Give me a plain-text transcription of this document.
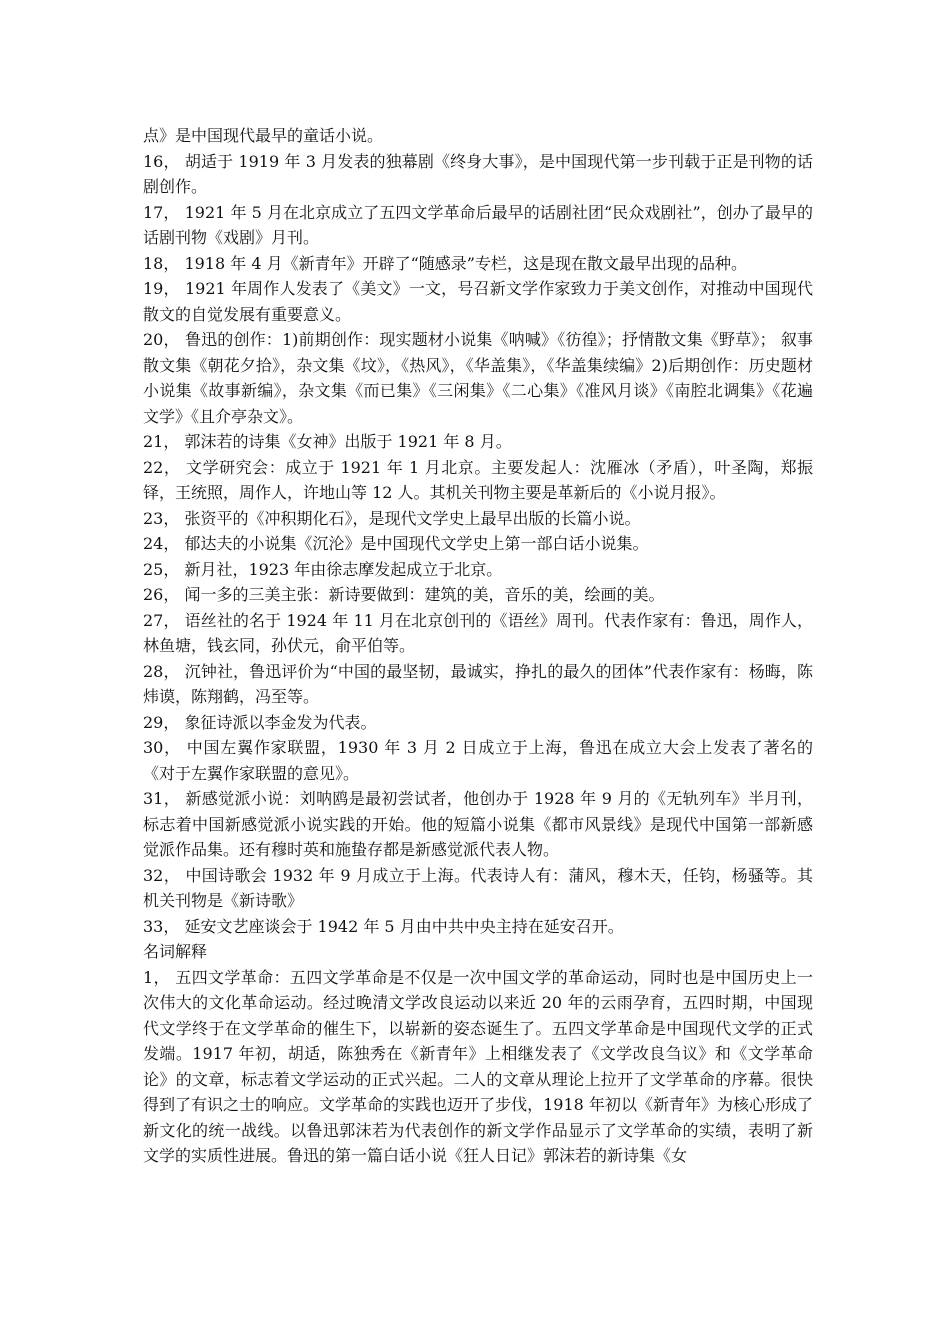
点》是中国现代最早的童话小说。

16， 胡适于 1919 年 3 月发表的独幕剧《终身大事》，是中国现代第一步刊载于正是刊物的话剧创作。

17， 1921 年 5 月在北京成立了五四文学革命后最早的话剧社团“民众戏剧社”，创办了最早的话剧刊物《戏剧》月刊。

18， 1918 年 4 月《新青年》开辟了“随感录”专栏，这是现在散文最早出现的品种。

19， 1921 年周作人发表了《美文》一文，号召新文学作家致力于美文创作，对推动中国现代散文的自觉发展有重要意义。

20， 鲁迅的创作：1)前期创作：现实题材小说集《呐喊》《彷徨》；抒情散文集《野草》； 叙事散文集《朝花夕拾》，杂文集《坟》，《热风》，《华盖集》，《华盖集续编》2)后期创作：历史题材小说集《故事新编》，杂文集《而已集》《三闲集》《二心集》《准风月谈》《南腔北调集》《花遍文学》《且介亭杂文》。

21， 郭沫若的诗集《女神》出版于 1921 年 8 月。

22， 文学研究会：成立于 1921 年 1 月北京。主要发起人：沈雁冰（矛盾），叶圣陶，郑振铎，王统照，周作人，许地山等 12 人。其机关刊物主要是革新后的《小说月报》。

23， 张资平的《冲积期化石》，是现代文学史上最早出版的长篇小说。

24， 郁达夫的小说集《沉沦》是中国现代文学史上第一部白话小说集。

25， 新月社，1923 年由徐志摩发起成立于北京。

26， 闻一多的三美主张：新诗要做到：建筑的美，音乐的美，绘画的美。

27， 语丝社的名于 1924 年 11 月在北京创刊的《语丝》周刊。代表作家有：鲁迅，周作人，林鱼塘，钱玄同，孙伏元，俞平伯等。

28， 沉钟社，鲁迅评价为“中国的最坚韧，最诚实，挣扎的最久的团体”代表作家有：杨晦，陈炜谟，陈翔鹤，冯至等。

29， 象征诗派以李金发为代表。

30， 中国左翼作家联盟，1930 年 3 月 2 日成立于上海，鲁迅在成立大会上发表了著名的《对于左翼作家联盟的意见》。

31， 新感觉派小说：刘呐鸥是最初尝试者，他创办于 1928 年 9 月的《无轨列车》半月刊，标志着中国新感觉派小说实践的开始。他的短篇小说集《都市风景线》是现代中国第一部新感觉派作品集。还有穆时英和施蛰存都是新感觉派代表人物。

32， 中国诗歌会 1932 年 9 月成立于上海。代表诗人有：蒲风，穆木天，任钧，杨骚等。其机关刊物是《新诗歌》

33， 延安文艺座谈会于 1942 年 5 月由中共中央主持在延安召开。

名词解释

1， 五四文学革命：五四文学革命是不仅是一次中国文学的革命运动，同时也是中国历史上一次伟大的文化革命运动。经过晚清文学改良运动以来近 20 年的云雨孕育，五四时期，中国现代文学终于在文学革命的催生下，以崭新的姿态诞生了。五四文学革命是中国现代文学的正式发端。1917 年初，胡适，陈独秀在《新青年》上相继发表了《文学改良刍议》和《文学革命论》的文章，标志着文学运动的正式兴起。二人的文章从理论上拉开了文学革命的序幕。很快得到了有识之士的响应。文学革命的实践也迈开了步伐，1918 年初以《新青年》为核心形成了新文化的统一战线。以鲁迅郭沫若为代表创作的新文学作品显示了文学革命的实绩，表明了新文学的实质性进展。鲁迅的第一篇白话小说《狂人日记》郭沫若的新诗集《女
